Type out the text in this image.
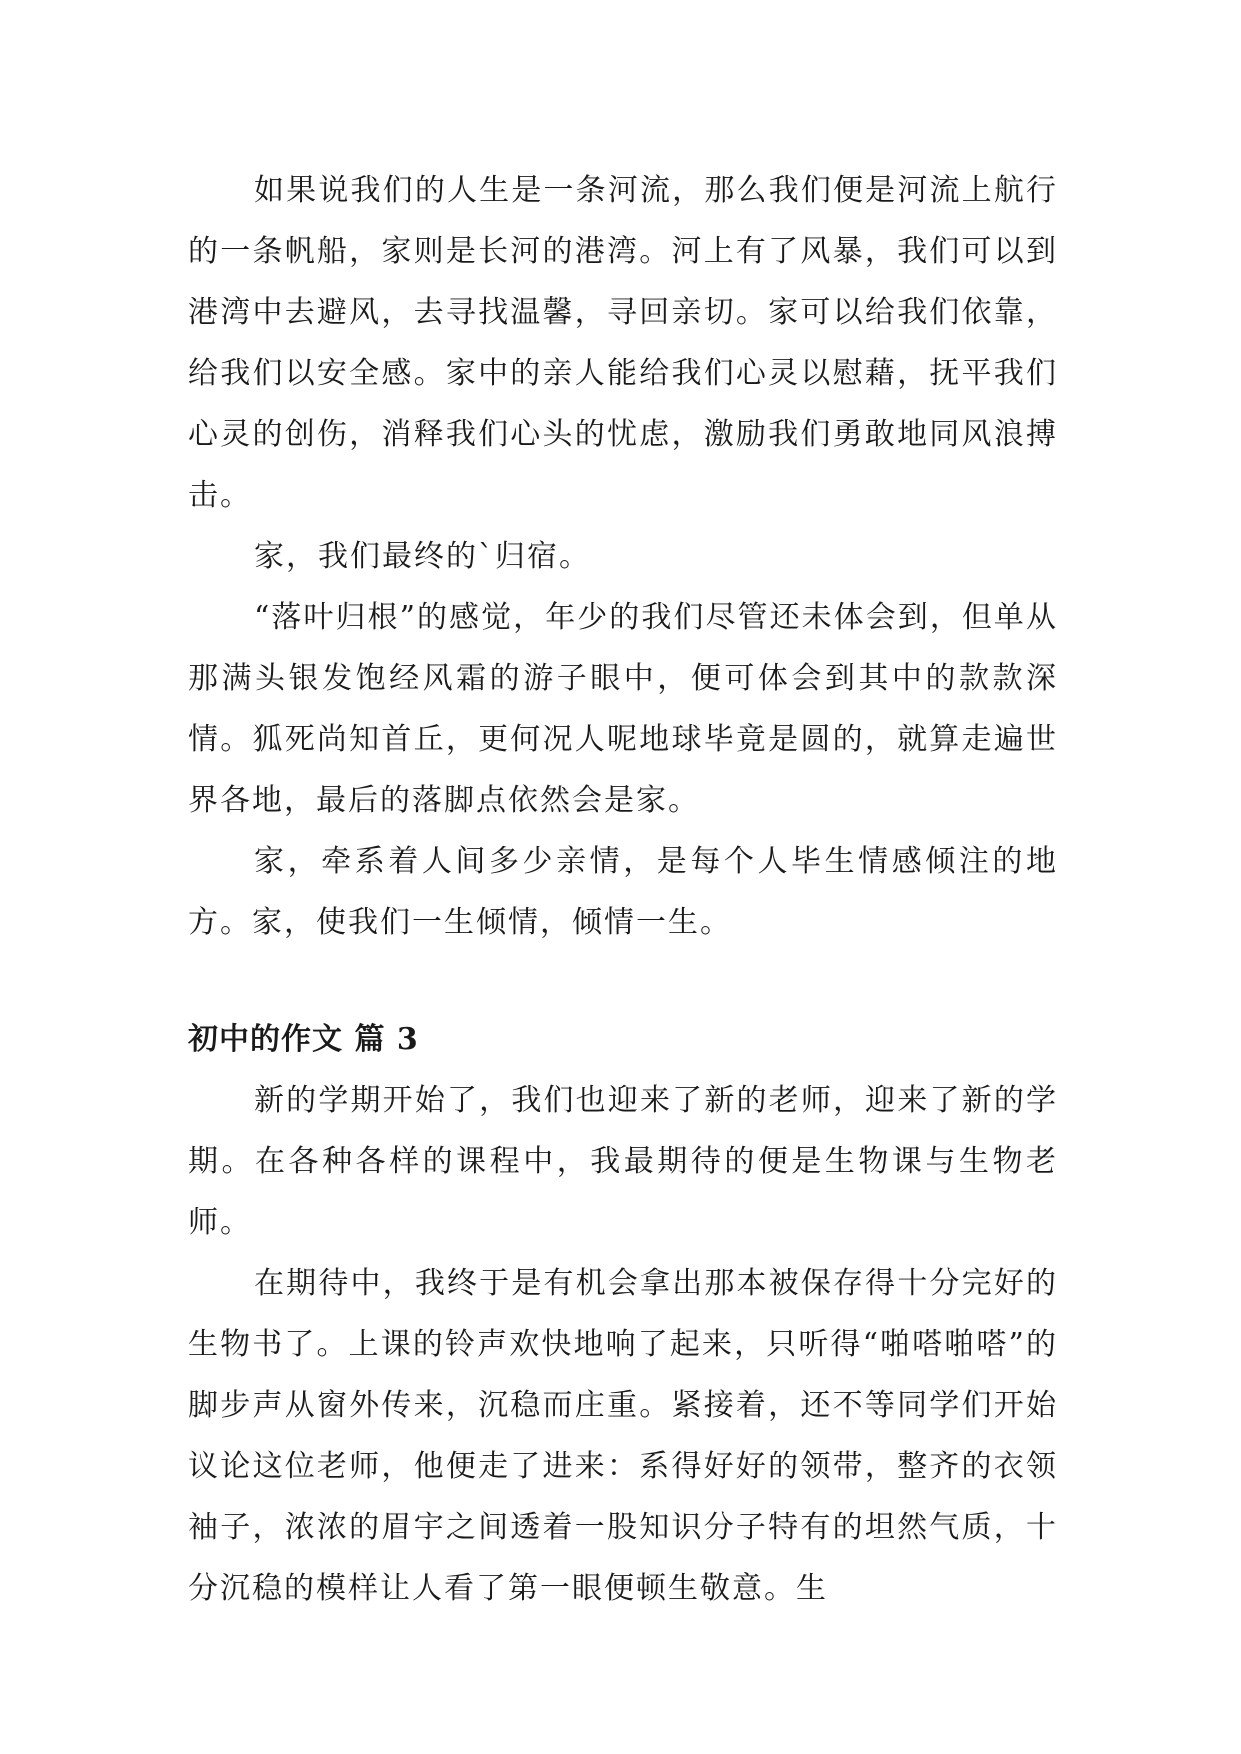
如果说我们的人生是一条河流，那么我们便是河流上航行的一条帆船，家则是长河的港湾。河上有了风暴，我们可以到港湾中去避风，去寻找温馨，寻回亲切。家可以给我们依靠，给我们以安全感。家中的亲人能给我们心灵以慰藉，抚平我们心灵的创伤，消释我们心头的忧虑，激励我们勇敢地同风浪搏击。

家，我们最终的`归宿。

“落叶归根”的感觉，年少的我们尽管还未体会到，但单从那满头银发饱经风霜的游子眼中，便可体会到其中的款款深情。狐死尚知首丘，更何况人呢地球毕竟是圆的，就算走遍世界各地，最后的落脚点依然会是家。

家，牵系着人间多少亲情，是每个人毕生情感倾注的地方。家，使我们一生倾情，倾情一生。

初中的作文 篇 3

新的学期开始了，我们也迎来了新的老师，迎来了新的学期。在各种各样的课程中，我最期待的便是生物课与生物老师。

在期待中，我终于是有机会拿出那本被保存得十分完好的生物书了。上课的铃声欢快地响了起来，只听得“啪嗒啪嗒”的脚步声从窗外传来，沉稳而庄重。紧接着，还不等同学们开始议论这位老师，他便走了进来：系得好好的领带，整齐的衣领袖子，浓浓的眉宇之间透着一股知识分子特有的坦然气质，十分沉稳的模样让人看了第一眼便顿生敬意。生
